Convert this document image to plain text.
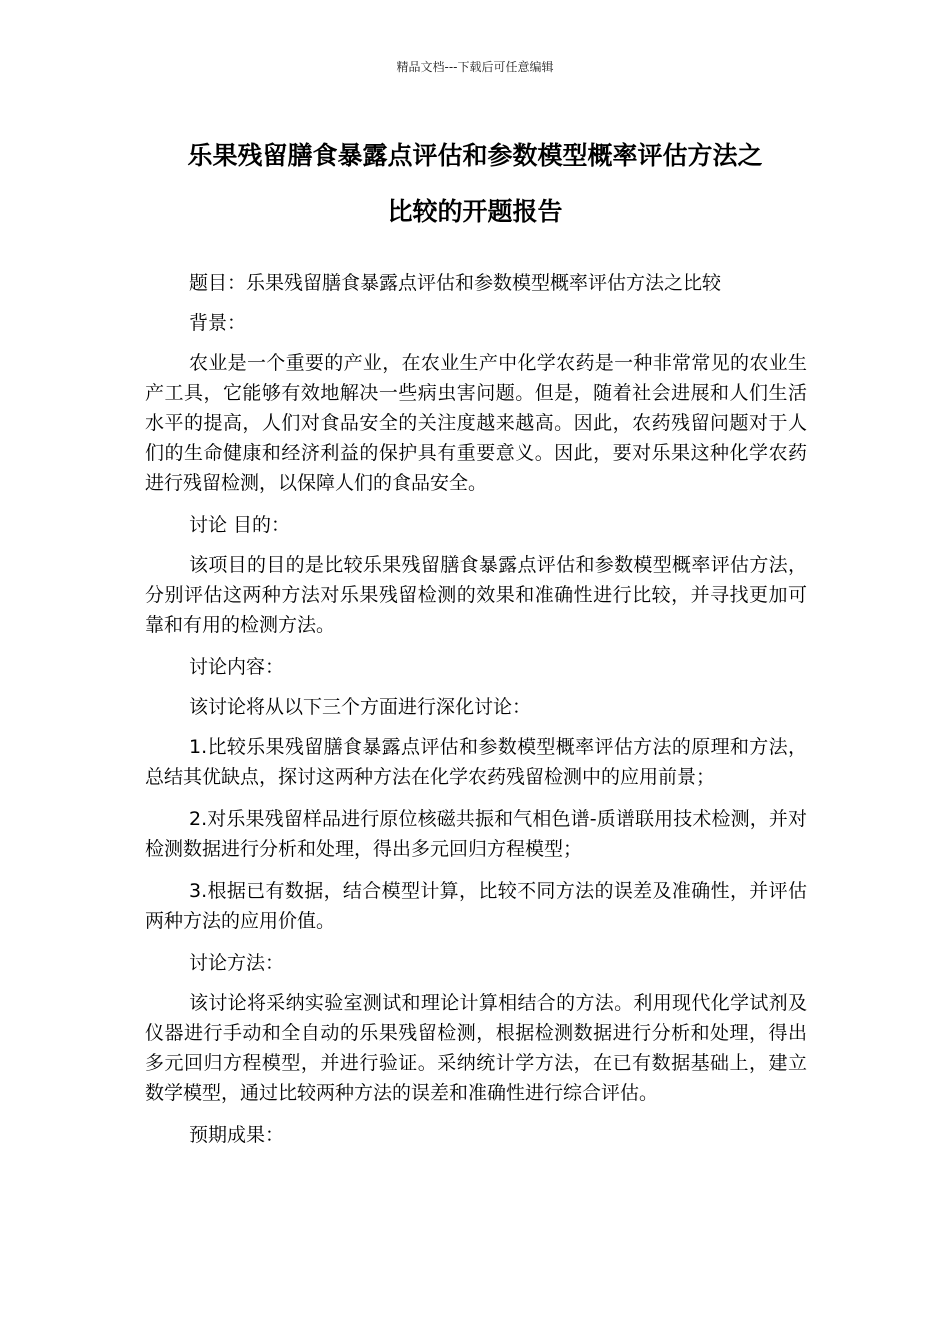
精品文档---下载后可任意编辑
乐果残留膳食暴露点评估和参数模型概率评估方法之
比较的开题报告

题目：乐果残留膳食暴露点评估和参数模型概率评估方法之比较

背景：

农业是一个重要的产业，在农业生产中化学农药是一种非常常见的农业生产工具，它能够有效地解决一些病虫害问题。但是，随着社会进展和人们生活水平的提高，人们对食品安全的关注度越来越高。因此，农药残留问题对于人们的生命健康和经济利益的保护具有重要意义。因此，要对乐果这种化学农药进行残留检测，以保障人们的食品安全。

讨论 目的：

该项目的目的是比较乐果残留膳食暴露点评估和参数模型概率评估方法，分别评估这两种方法对乐果残留检测的效果和准确性进行比较，并寻找更加可靠和有用的检测方法。

讨论内容：

该讨论将从以下三个方面进行深化讨论：

1.比较乐果残留膳食暴露点评估和参数模型概率评估方法的原理和方法，总结其优缺点，探讨这两种方法在化学农药残留检测中的应用前景；

2.对乐果残留样品进行原位核磁共振和气相色谱-质谱联用技术检测，并对检测数据进行分析和处理，得出多元回归方程模型；

3.根据已有数据，结合模型计算，比较不同方法的误差及准确性，并评估两种方法的应用价值。

讨论方法：

该讨论将采纳实验室测试和理论计算相结合的方法。利用现代化学试剂及仪器进行手动和全自动的乐果残留检测，根据检测数据进行分析和处理，得出多元回归方程模型，并进行验证。采纳统计学方法，在已有数据基础上，建立数学模型，通过比较两种方法的误差和准确性进行综合评估。

预期成果：
